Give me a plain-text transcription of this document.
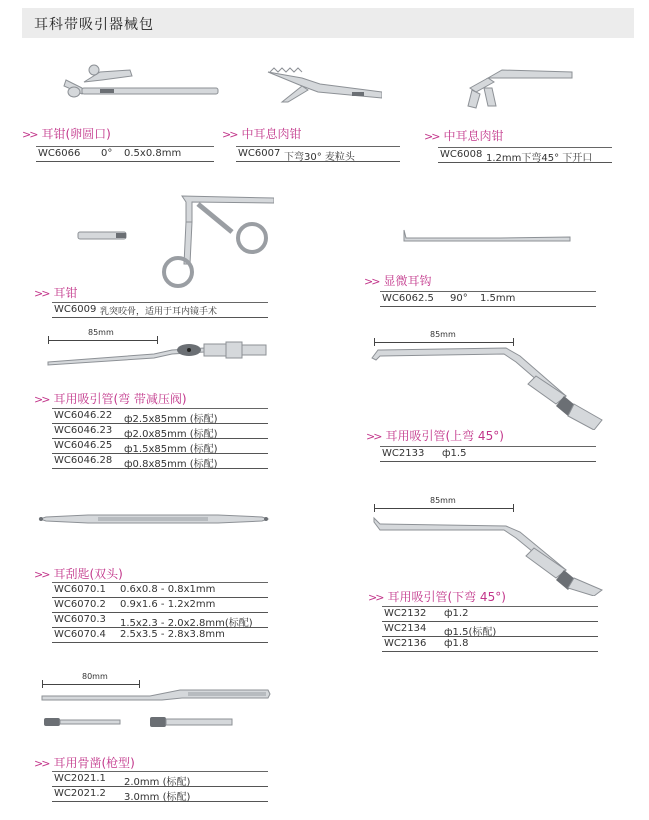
耳科带吸引器械包
>> 耳钳(卵圆口)
WC6066 0° 0.5x0.8mm
>> 中耳息肉钳
WC6007 下弯30° 麦粒头
>> 中耳息肉钳
WC6008 1.2mm下弯45° 下开口
>> 耳钳
WC6009 乳突咬骨，适用于耳内镜手术
>> 显微耳钩
WC6062.5 90° 1.5mm
85mm
>> 耳用吸引管(弯 带减压阀)
WC6046.22 ф2.5x85mm (标配)
WC6046.23 ф2.0x85mm (标配)
WC6046.25 ф1.5x85mm (标配)
WC6046.28 ф0.8x85mm (标配)
85mm
>> 耳用吸引管(上弯 45°)
WC2133 ф1.5
>> 耳刮匙(双头)
WC6070.1 0.6x0.8 - 0.8x1mm
WC6070.2 0.9x1.6 - 1.2x2mm
WC6070.3 1.5x2.3 - 2.0x2.8mm(标配)
WC6070.4 2.5x3.5 - 2.8x3.8mm
85mm
>> 耳用吸引管(下弯 45°)
WC2132 ф1.2
WC2134 ф1.5(标配)
WC2136 ф1.8
80mm
>> 耳用骨凿(枪型)
WC2021.1 2.0mm (标配)
WC2021.2 3.0mm (标配)
